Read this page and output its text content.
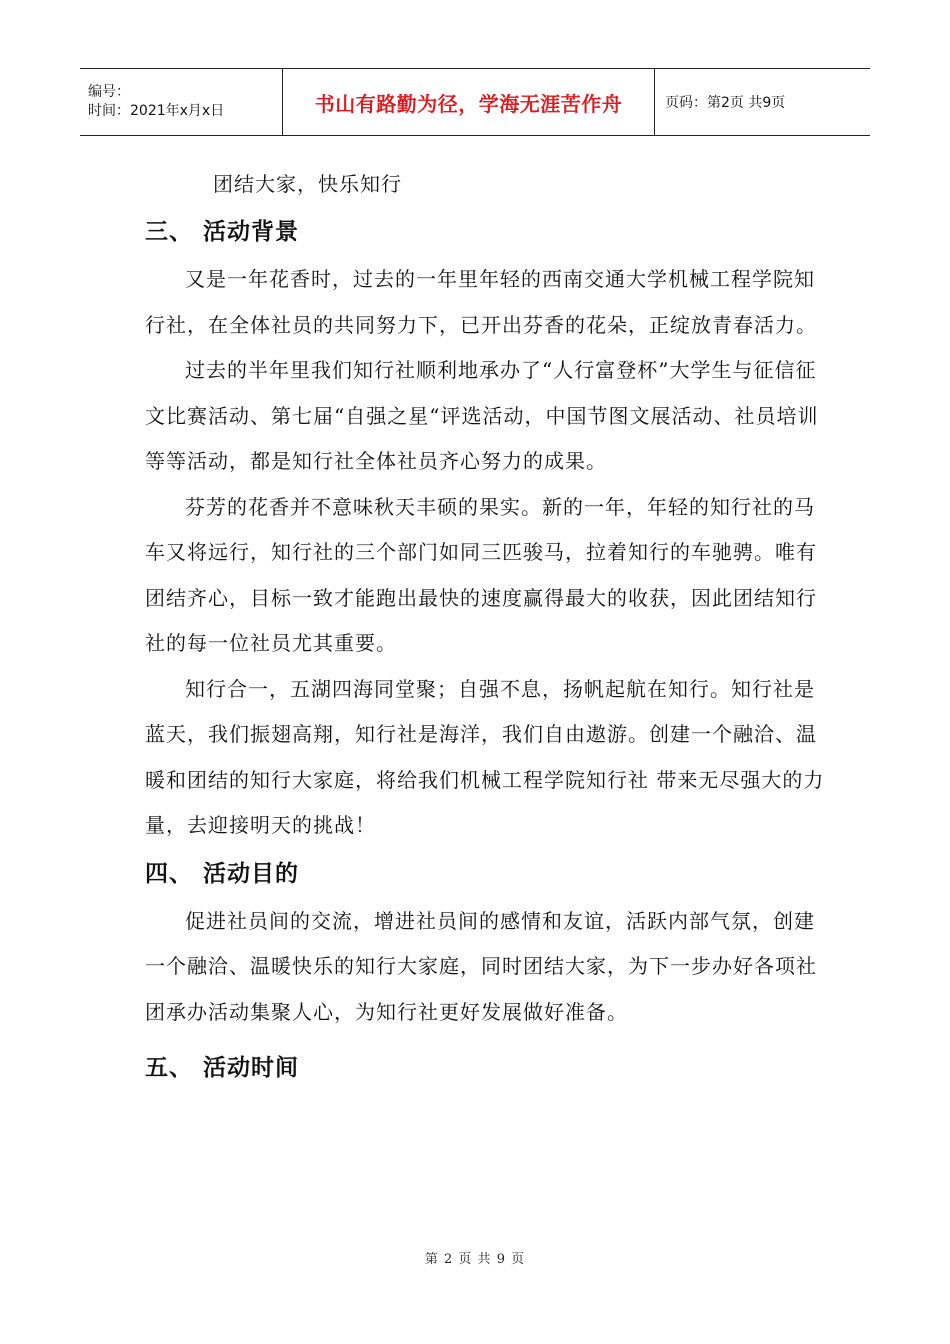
编号：
时间：2021年x月x日	书山有路勤为径，学海无涯苦作舟	页码：第2页 共9页

团结大家，快乐知行

三、 活动背景

又是一年花香时，过去的一年里年轻的西南交通大学机械工程学院知行社，在全体社员的共同努力下，已开出芬香的花朵，正绽放青春活力。

过去的半年里我们知行社顺利地承办了“人行富登杯”大学生与征信征文比赛活动、第七届“自强之星“评选活动，中国节图文展活动、社员培训等等活动，都是知行社全体社员齐心努力的成果。

芬芳的花香并不意味秋天丰硕的果实。新的一年，年轻的知行社的马车又将远行，知行社的三个部门如同三匹骏马，拉着知行的车驰骋。唯有团结齐心，目标一致才能跑出最快的速度赢得最大的收获，因此团结知行社的每一位社员尤其重要。

知行合一，五湖四海同堂聚；自强不息，扬帆起航在知行。知行社是蓝天，我们振翅高翔，知行社是海洋，我们自由遨游。创建一个融洽、温暖和团结的知行大家庭，将给我们机械工程学院知行社 带来无尽强大的力量，去迎接明天的挑战！

四、 活动目的

促进社员间的交流，增进社员间的感情和友谊，活跃内部气氛，创建一个融洽、温暖快乐的知行大家庭，同时团结大家，为下一步办好各项社团承办活动集聚人心，为知行社更好发展做好准备。

五、 活动时间
第 2 页 共 9 页
